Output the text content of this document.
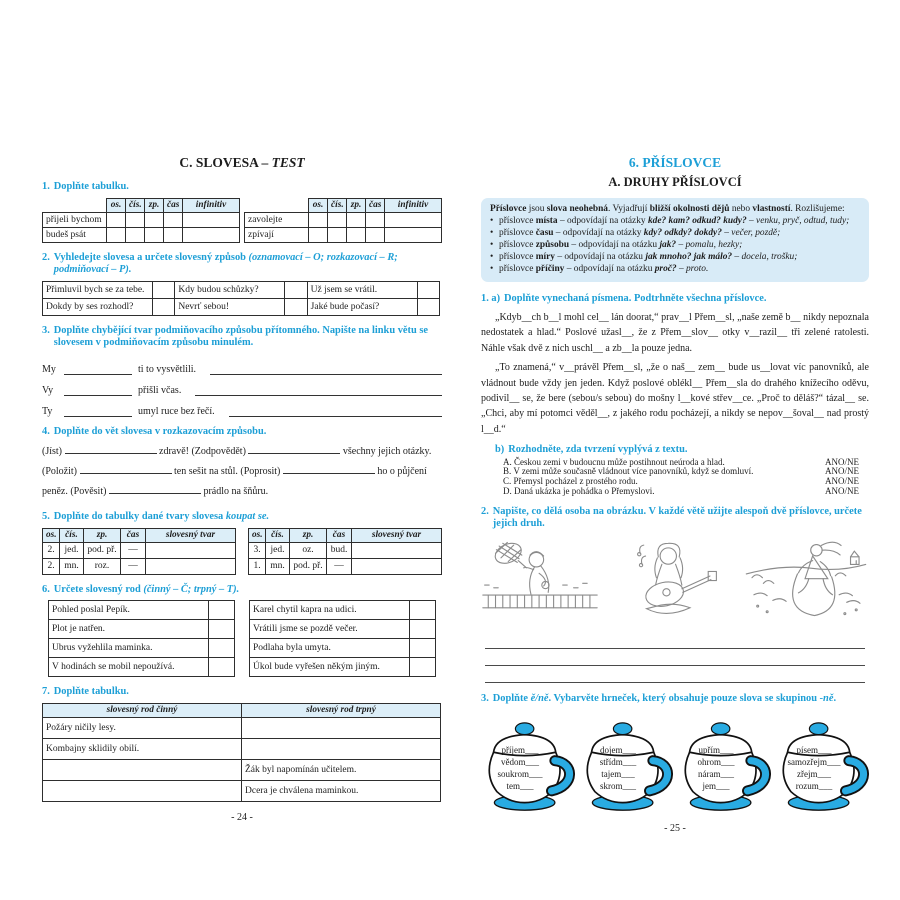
C. SLOVESA – TEST
1. Doplňte tabulku.
	os.	čís.	zp.	čas	infinitiv
přijeli bychom					
budeš psát					
	os.	čís.	zp.	čas	infinitiv
zavolejte					
zpívají					
2. Vyhledejte slovesa a určete slovesný způsob (oznamovací – O; rozkazovací – R; podmiňovací – P).
Přimluvil bych se za tebe.		Kdy budou schůzky?		Už jsem se vrátil.	
Dokdy by ses rozhodl?		Nevrť sebou!		Jaké bude počasí?	
3. Doplňte chybějící tvar podmiňovacího způsobu přítomného. Napište na linku větu se slovesem v podmiňovacím způsobu minulém.
My	ti to vysvětlili.
Vy	přišli včas.
Ty	umyl ruce bez řečí.
4. Doplňte do vět slovesa v rozkazovacím způsobu.
(Jíst)	zdravě! (Zodpovědět)	všechny jejich otázky.
(Položit)	ten sešit na stůl. (Poprosit)	ho o půjčení
peněz. (Pověsit)	prádlo na šňůru.
5. Doplňte do tabulky dané tvary slovesa koupat se.
os.	čís.	zp.	čas	slovesný tvar
2.	jed.	pod. př.	—	
2.	mn.	roz.	—	
os.	čís.	zp.	čas	slovesný tvar
3.	jed.	oz.	bud.	
1.	mn.	pod. př.	—	
6. Určete slovesný rod (činný – Č; trpný – T).
Pohled poslal Pepík.	
Plot je natřen.	
Ubrus vyžehlila maminka.	
V hodinách se mobil nepoužívá.	
Karel chytil kapra na udici.	
Vrátili jsme se pozdě večer.	
Podlaha byla umyta.	
Úkol bude vyřešen někým jiným.	
7. Doplňte tabulku.
slovesný rod činný	slovesný rod trpný
Požáry ničily lesy.	
Kombajny sklidily obilí.	
	Žák byl napomínán učitelem.
	Dcera je chválena maminkou.
- 24 -
6. PŘÍSLOVCE
A. DRUHY PŘÍSLOVCÍ
Příslovce jsou slova neohebná. Vyjadřují bližší okolnosti dějů nebo vlastností. Rozlišujeme:
• příslovce místa – odpovídají na otázky kde? kam? odkud? kudy? – venku, pryč, odtud, tudy;
• příslovce času – odpovídají na otázky kdy? odkdy? dokdy? – večer, pozdě;
• příslovce způsobu – odpovídají na otázku jak? – pomalu, hezky;
• příslovce míry – odpovídají na otázku jak mnoho? jak málo? – docela, trošku;
• příslovce příčiny – odpovídají na otázku proč? – proto.
1. a) Doplňte vynechaná písmena. Podtrhněte všechna příslovce.

„Kdyb__ch b__l mohl cel__ lán doorat,“ prav__l Přem__sl, „naše země b__ nikdy nepoznala nedostatek a hlad.“ Poslové užasl__, že z Přem__slov__ otky v__razil__ tři zelené ratolesti. Náhle však dvě z nich uschl__ a zb__la pouze jedna.

„To znamená,“ v__právěl Přem__sl, „že o naš__ zem__ bude us__lovat víc panovníků, ale vládnout bude vždy jen jeden. Když poslové oblékl__ Přem__sla do drahého knížecího oděvu, podivil__ se, že bere (sebou/s sebou) do mošny l__kové střev__ce. „Proč to děláš?“ tázal__ se. „Chci, aby mí potomci věděl__, z jakého rodu pocházejí, a nikdy se nepov__šoval__ nad prostý l__d.“

b) Rozhodněte, zda tvrzení vyplývá z textu.
A. Českou zemi v budoucnu může postihnout neúroda a hlad.	ANO/NE
B. V zemi může současně vládnout více panovníků, když se domluví.	ANO/NE
C. Přemysl pocházel z prostého rodu.	ANO/NE
D. Daná ukázka je pohádka o Přemyslovi.	ANO/NE
2. Napište, co dělá osoba na obrázku. V každé větě užijte alespoň dvě příslovce, určete jejich druh.
3. Doplňte ě/ně. Vybarvěte hrneček, který obsahuje pouze slova se skupinou -ně.
příjem___
vědom___
soukrom___
tem___
dojem___
střídm___
tajem___
skrom___
upřím___
ohrom___
náram___
jem___
písem___
samozřejm___
zřejm___
rozum___
- 25 -
